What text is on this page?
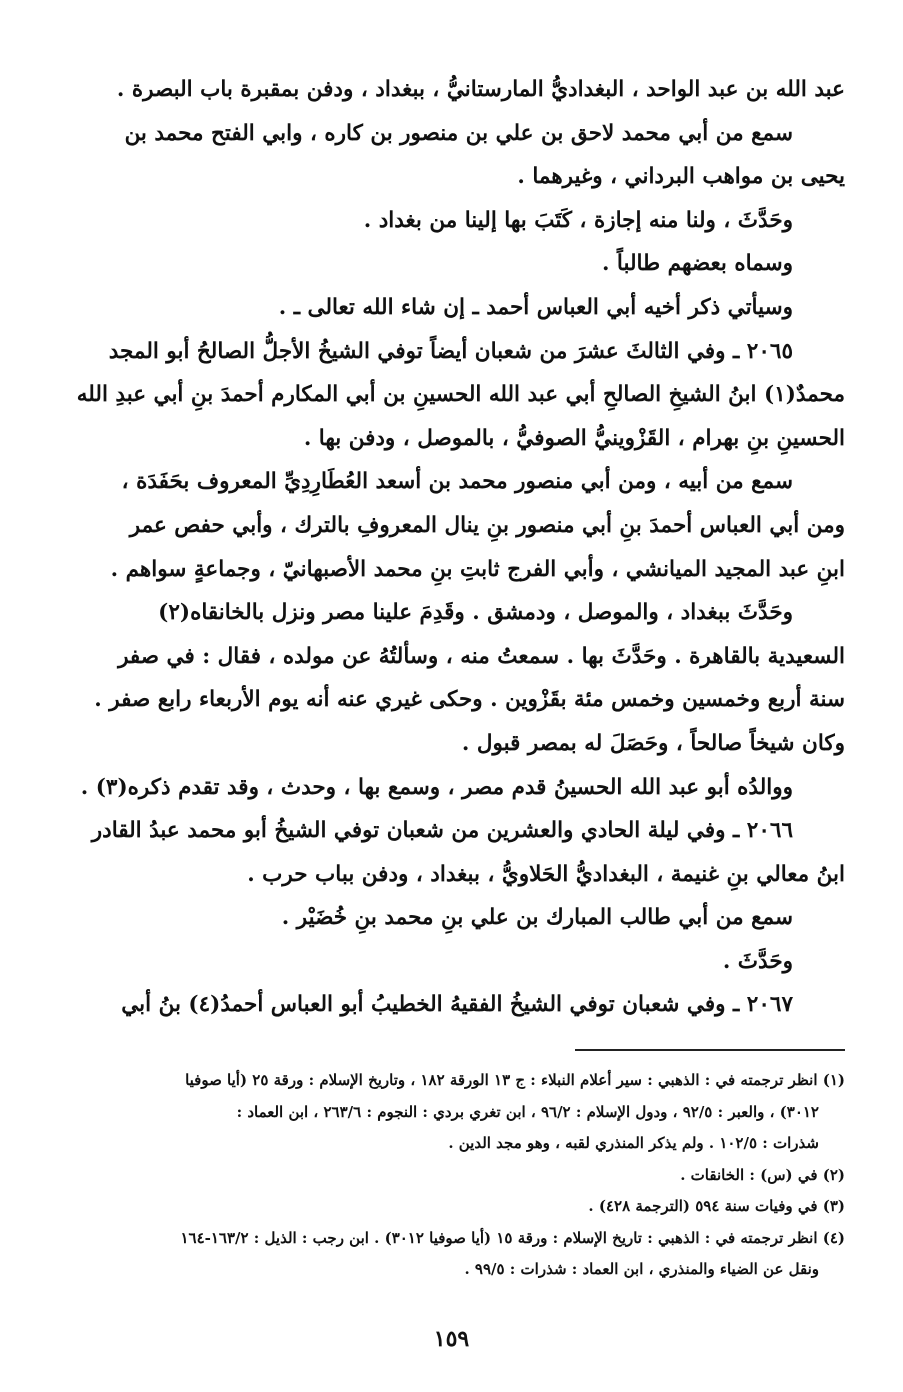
عبد الله بن عبد الواحد ، البغداديُّ المارستانيُّ ، ببغداد ، ودفن بمقبرة باب البصرة .
سمع من أبي محمد لاحق بن علي بن منصور بن كاره ، وابي الفتح محمد بن
يحيى بن مواهب البرداني ، وغيرهما .
وحَدَّثَ ، ولنا منه إجازة ، كَتَبَ بها إلينا من بغداد .
وسماه بعضهم طالباً .
وسيأتي ذكر أخيه أبي العباس أحمد ـ إن شاء الله تعالى ـ .
٢٠٦٥ ـ وفي الثالثَ عشرَ من شعبان أيضاً توفي الشيخُ الأجلُّ الصالحُ أبو المجد
محمدٌ(١) ابنُ الشيخِ الصالحِ أبي عبد الله الحسينِ بن أبي المكارم أحمدَ بنِ أبي عبدِ الله
الحسينِ بنِ بهرام ، القَزْوينيُّ الصوفيُّ ، بالموصل ، ودفن بها .
سمع من أبيه ، ومن أبي منصور محمد بن أسعد العُطَارِدِيِّ المعروف بحَفَدَة ،
ومن أبي العباس أحمدَ بنِ أبي منصور بنِ ينال المعروفِ بالترك ، وأبي حفص عمر
ابنِ عبد المجيد الميانشي ، وأبي الفرج ثابتِ بنِ محمد الأصبهانيّ ، وجماعةٍ سواهم .
وحَدَّثَ ببغداد ، والموصل ، ودمشق . وقَدِمَ علينا مصر ونزل بالخانقاه(٢)
السعيدية بالقاهرة . وحَدَّثَ بها . سمعتُ منه ، وسألتُهُ عن مولده ، فقال : في صفر
سنة أربع وخمسين وخمس مئة بقَزْوين . وحكى غيري عنه أنه يوم الأربعاء رابع صفر .
وكان شيخاً صالحاً ، وحَصَلَ له بمصر قبول .
ووالدُه أبو عبد الله الحسينُ قدم مصر ، وسمع بها ، وحدث ، وقد تقدم ذكره(٣) .
٢٠٦٦ ـ وفي ليلة الحادي والعشرين من شعبان توفي الشيخُ أبو محمد عبدُ القادر
ابنُ معالي بنِ غنيمة ، البغداديُّ الحَلاويُّ ، ببغداد ، ودفن بباب حرب .
سمع من أبي طالب المبارك بن علي بنِ محمد بنِ خُضَيْر .
وحَدَّثَ .
٢٠٦٧ ـ وفي شعبان توفي الشيخُ الفقيهُ الخطيبُ أبو العباس أحمدُ(٤) بنُ أبي
(١) انظر ترجمته في : الذهبي : سير أعلام النبلاء : ج ١٣ الورقة ١٨٢ ، وتاريخ الإسلام : ورقة ٢٥ (أيا صوفيا
٣٠١٢) ، والعبر : ٩٢/٥ ، ودول الإسلام : ٩٦/٢ ، ابن تغري بردي : النجوم : ٢٦٣/٦ ، ابن العماد :
شذرات : ١٠٢/٥ . ولم يذكر المنذري لقبه ، وهو مجد الدين .
(٢) في (س) : الخانقات .
(٣) في وفيات سنة ٥٩٤ (الترجمة ٤٢٨) .
(٤) انظر ترجمته في : الذهبي : تاريخ الإسلام : ورقة ١٥ (أيا صوفيا ٣٠١٢) . ابن رجب : الذيل : ١٦٣/٢-١٦٤
ونقل عن الضياء والمنذري ، ابن العماد : شذرات : ٩٩/٥ .
١٥٩
